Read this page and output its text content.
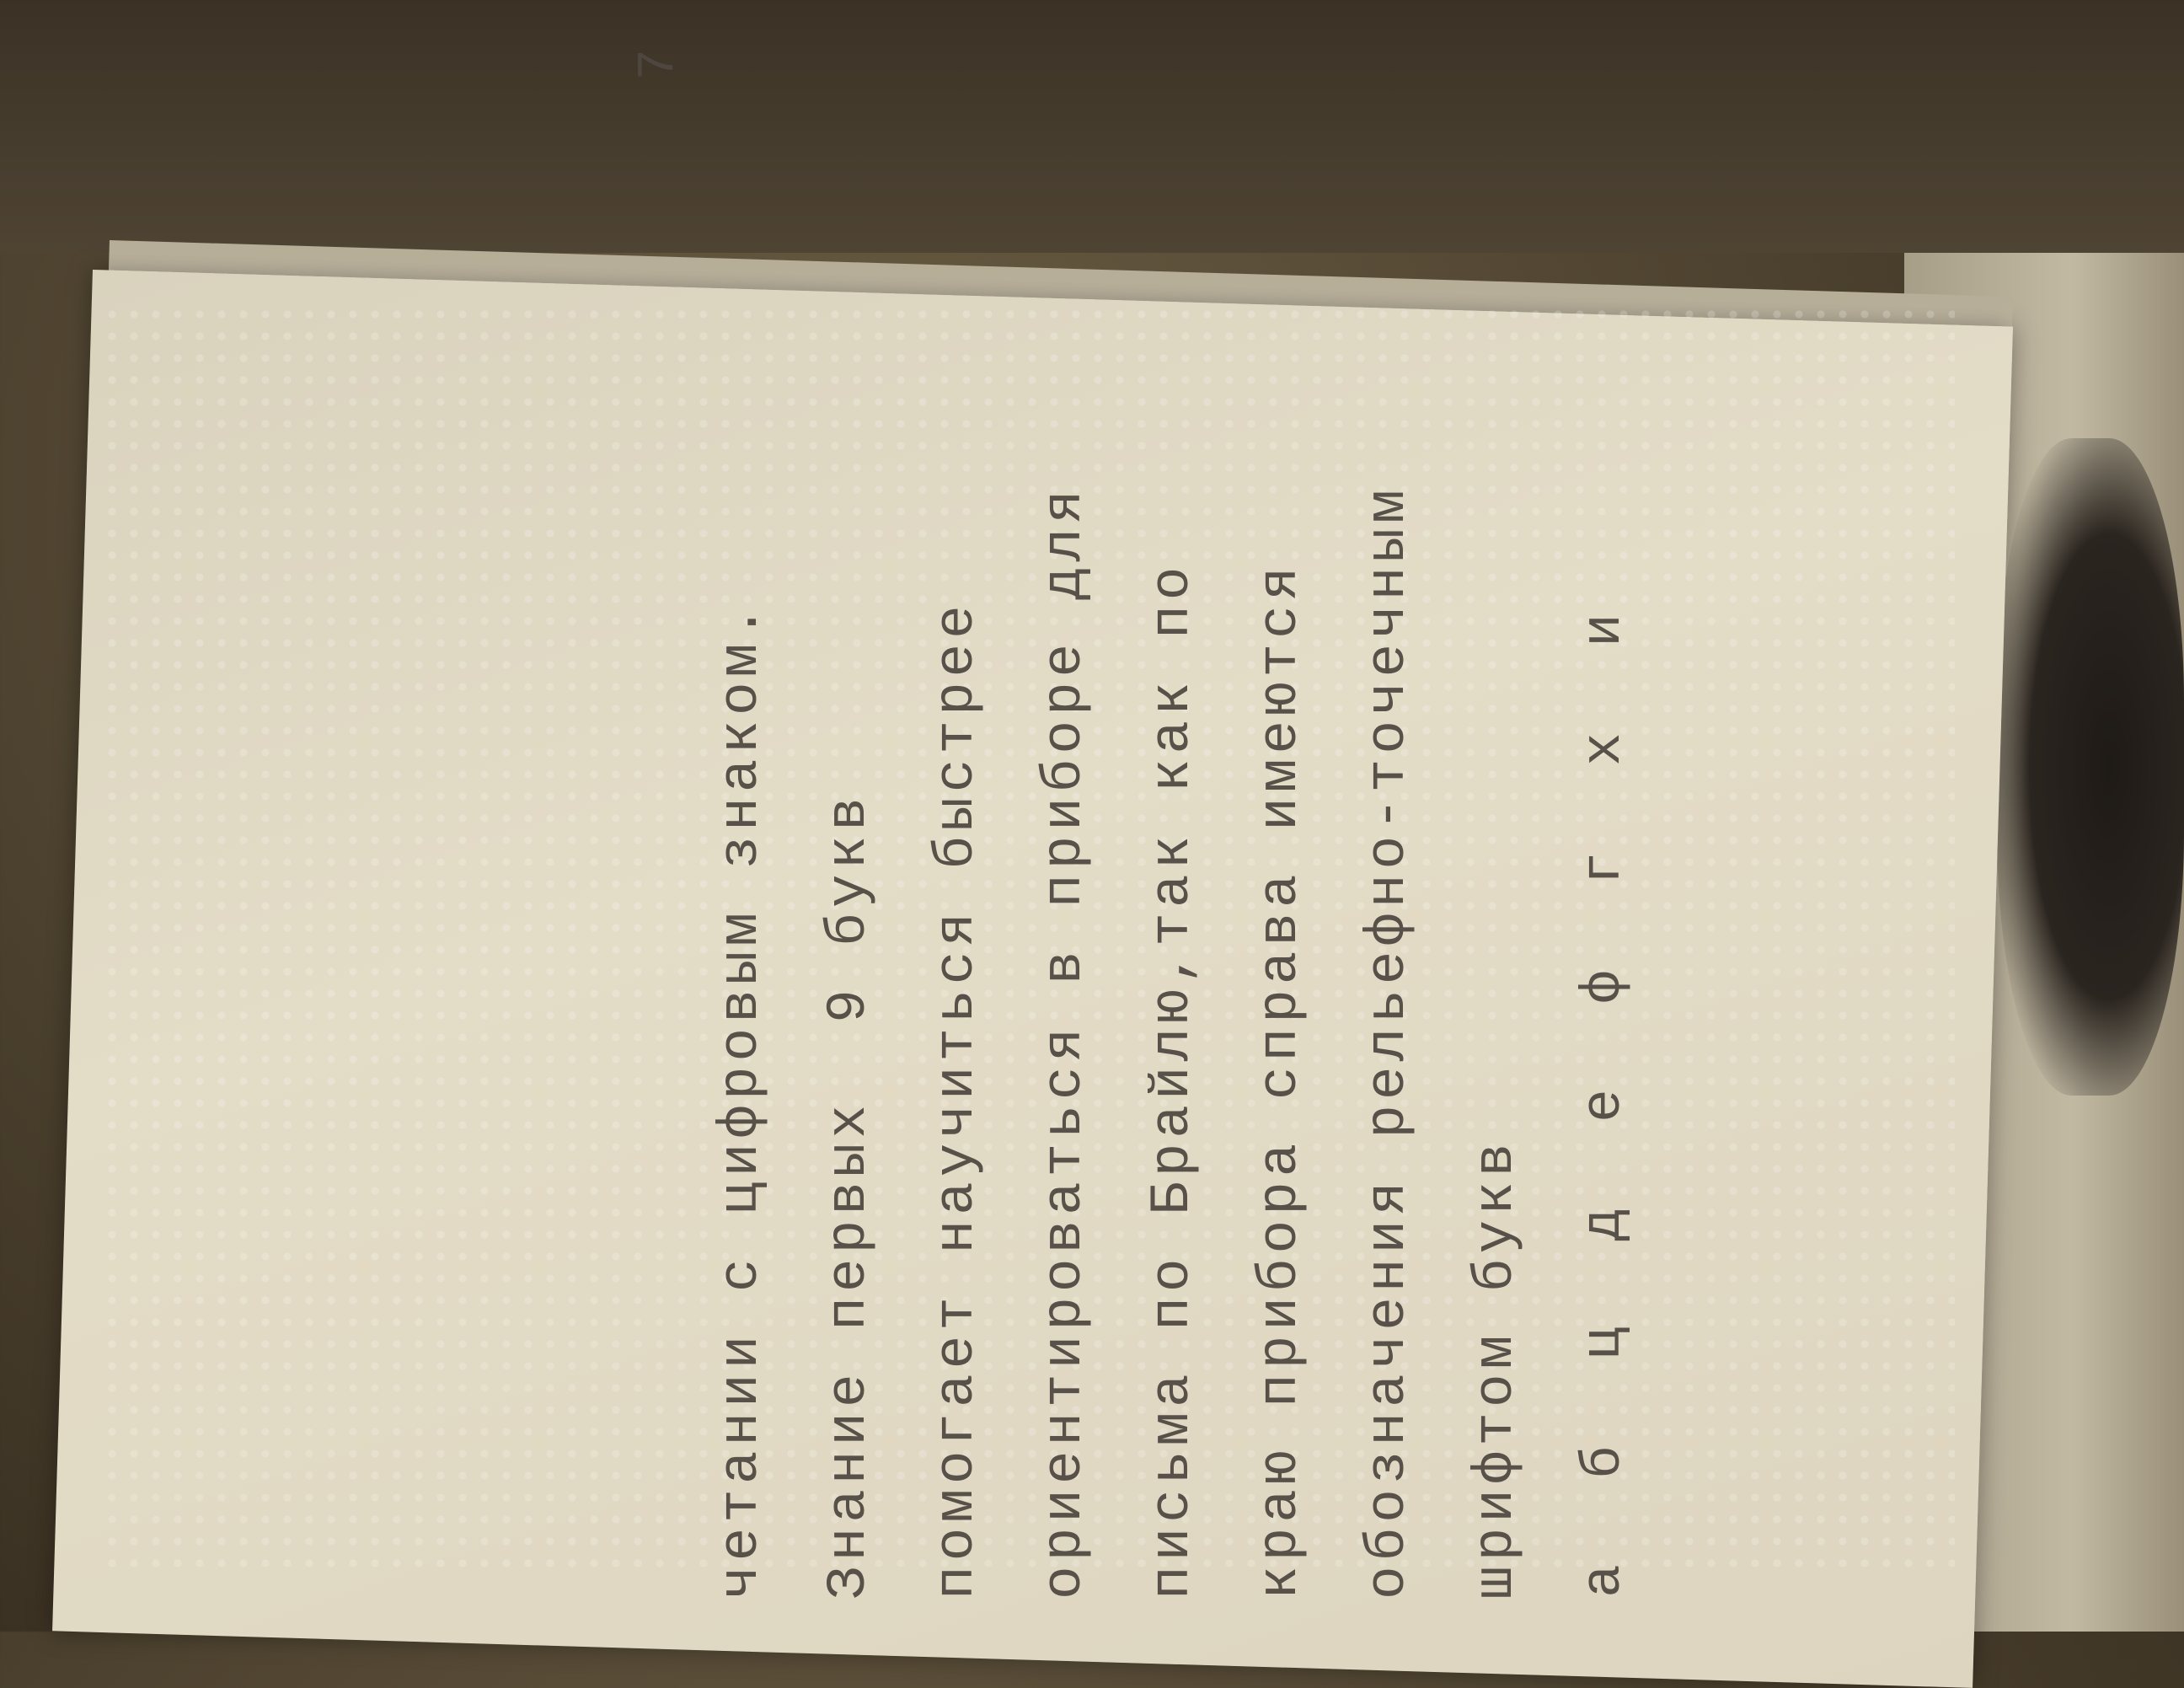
7
четании с цифровым знаком. Знание первых  9 букв помогает научиться быстрее ориентироваться в приборе для письма по Брайлю,так как по краю прибора справа имеются обозначения рельефно-точечным шрифтом букв а
б
ц
д
е
ф
г
х
и
